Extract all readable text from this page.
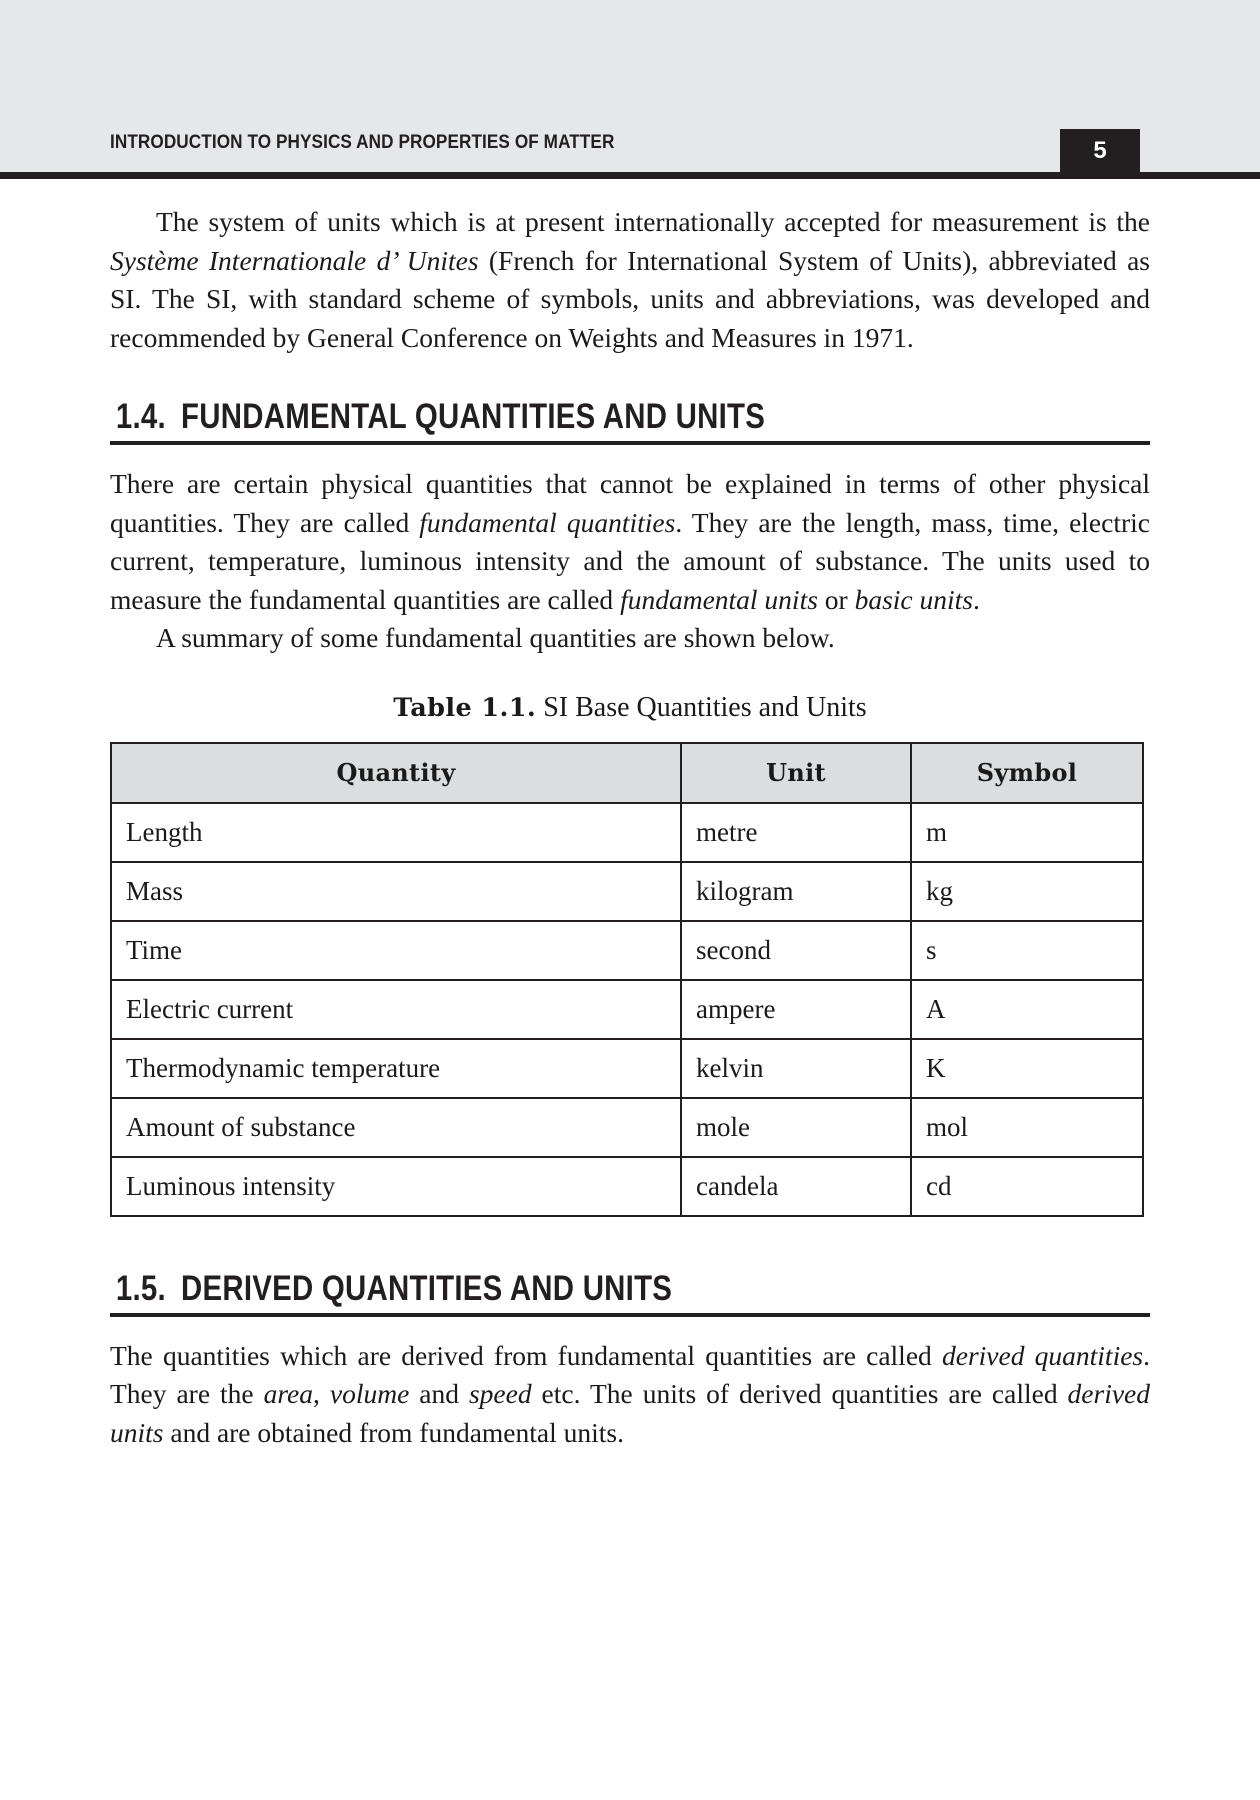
INTRODUCTION TO PHYSICS AND PROPERTIES OF MATTER	5

The system of units which is at present internationally accepted for measurement is the Système Internationale d’ Unites (French for International System of Units), abbreviated as SI. The SI, with standard scheme of symbols, units and abbreviations, was developed and recommended by General Conference on Weights and Measures in 1971.

1.4. FUNDAMENTAL QUANTITIES AND UNITS

There are certain physical quantities that cannot be explained in terms of other physical quantities. They are called fundamental quantities. They are the length, mass, time, electric current, temperature, luminous intensity and the amount of substance. The units used to measure the fundamental quantities are called fundamental units or basic units.

A summary of some fundamental quantities are shown below.

Table 1.1. SI Base Quantities and Units
Quantity	Unit	Symbol
Length	metre	m
Mass	kilogram	kg
Time	second	s
Electric current	ampere	A
Thermodynamic temperature	kelvin	K
Amount of substance	mole	mol
Luminous intensity	candela	cd
1.5. DERIVED QUANTITIES AND UNITS

The quantities which are derived from fundamental quantities are called derived quantities. They are the area, volume and speed etc. The units of derived quantities are called derived units and are obtained from fundamental units.
